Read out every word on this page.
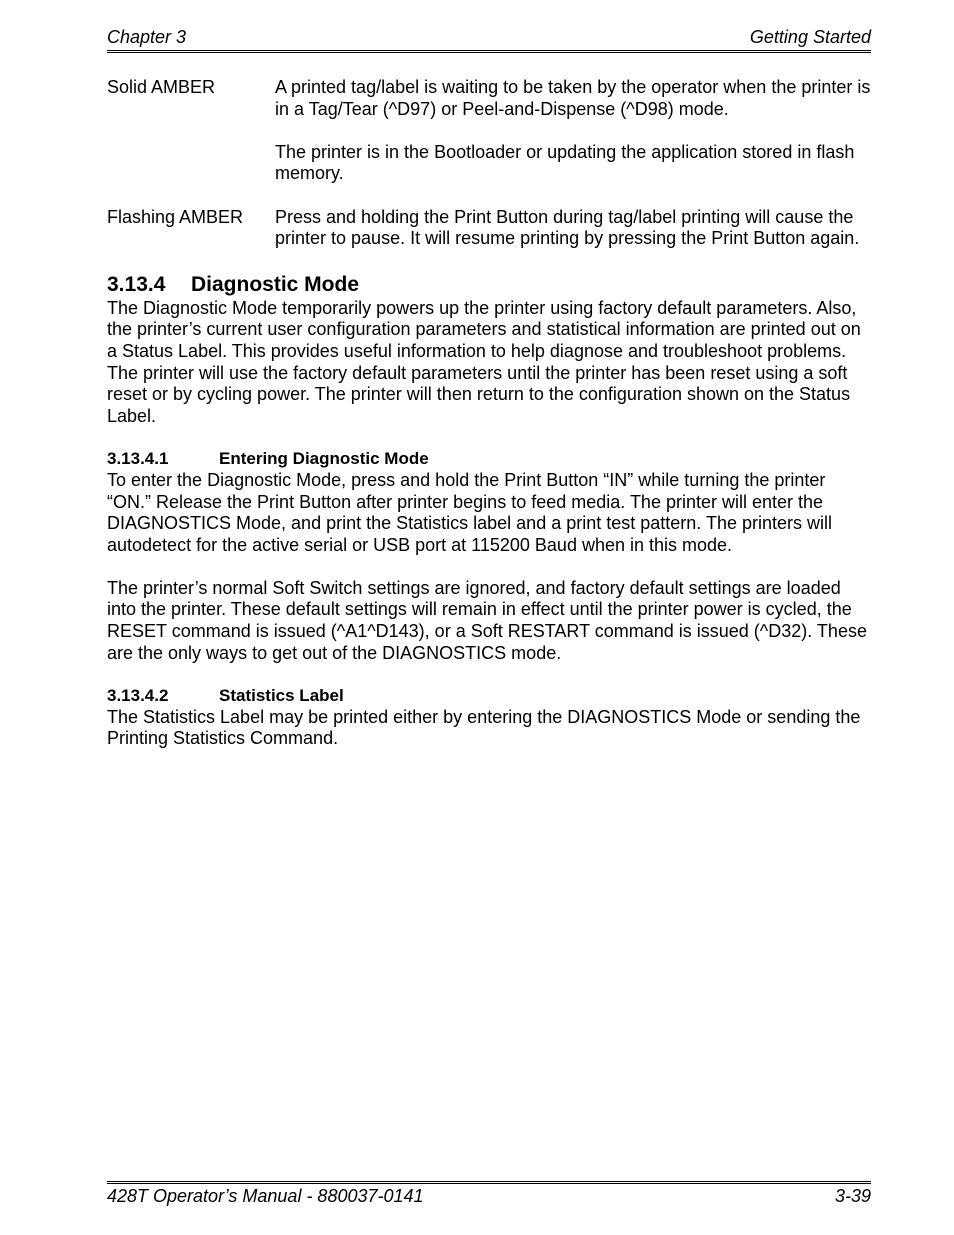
Chapter 3	Getting Started
Solid AMBER	A printed tag/label is waiting to be taken by the operator when the printer is in a Tag/Tear (^D97) or Peel-and-Dispense (^D98) mode.

The printer is in the Bootloader or updating the application stored in flash memory.

Flashing AMBER	Press and holding the Print Button during tag/label printing will cause the printer to pause. It will resume printing by pressing the Print Button again.

3.13.4 Diagnostic Mode

The Diagnostic Mode temporarily powers up the printer using factory default parameters. Also, the printer’s current user configuration parameters and statistical information are printed out on a Status Label. This provides useful information to help diagnose and troubleshoot problems. The printer will use the factory default parameters until the printer has been reset using a soft reset or by cycling power. The printer will then return to the configuration shown on the Status Label.

3.13.4.1	Entering Diagnostic Mode

To enter the Diagnostic Mode, press and hold the Print Button “IN” while turning the printer “ON.” Release the Print Button after printer begins to feed media. The printer will enter the DIAGNOSTICS Mode, and print the Statistics label and a print test pattern. The printers will autodetect for the active serial or USB port at 115200 Baud when in this mode.

The printer’s normal Soft Switch settings are ignored, and factory default settings are loaded into the printer. These default settings will remain in effect until the printer power is cycled, the RESET command is issued (^A1^D143), or a Soft RESTART command is issued (^D32). These are the only ways to get out of the DIAGNOSTICS mode.

3.13.4.2	Statistics Label

The Statistics Label may be printed either by entering the DIAGNOSTICS Mode or sending the Printing Statistics Command.

428T Operator’s Manual - 880037-0141	3-39
